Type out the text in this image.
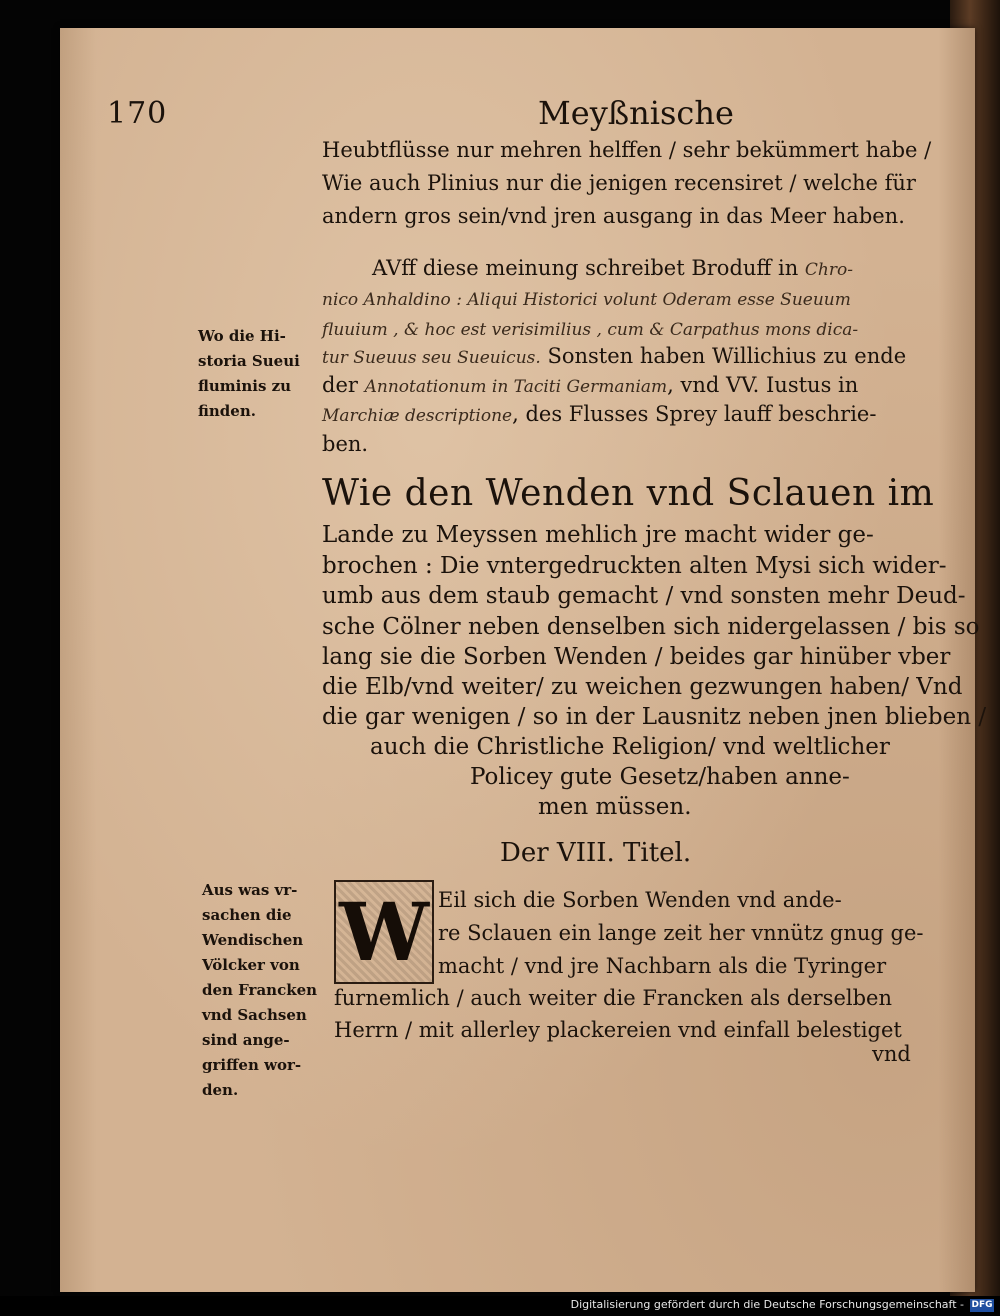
170	Meyßnische
Heubtflüsse nur mehren helffen / sehr bekümmert habe /
Wie auch Plinius nur die jenigen recensiret / welche für
andern gros sein/vnd jren ausgang in das Meer haben.
AVff diese meinung schreibet Broduff in Chro-
nico Anhaldino : Aliqui Historici volunt Oderam esse Sueuum
fluuium , & hoc est verisimilius , cum & Carpathus mons dica-
tur Sueuus seu Sueuicus. Sonsten haben Willichius zu ende
der Annotationum in Taciti Germaniam, vnd VV. Iustus in
Marchiæ descriptione, des Flusses Sprey lauff beschrie-
ben.
Wo die Hi-
storia Sueui
fluminis zu
finden.
Wie den Wenden vnd Sclauen im
Lande zu Meyssen mehlich jre macht wider ge-
brochen : Die vntergedruckten alten Mysi sich wider-
umb aus dem staub gemacht / vnd sonsten mehr Deud-
sche Cölner neben denselben sich nidergelassen / bis so
lang sie die Sorben Wenden / beides gar hinüber vber
die Elb/vnd weiter/ zu weichen gezwungen haben/ Vnd
die gar wenigen / so in der Lausnitz neben jnen blieben /
auch die Christliche Religion/ vnd weltlicher
Policey gute Gesetz/haben anne-
men müssen.
Der VIII. Titel.
Aus was vr-
sachen die
Wendischen
Völcker von
den Francken
vnd Sachsen
sind ange-
griffen wor-
den.
W Eil sich die Sorben Wenden vnd ande-
re Sclauen ein lange zeit her vnnütz gnug ge-
macht / vnd jre Nachbarn als die Tyringer
furnemlich / auch weiter die Francken als derselben
Herrn / mit allerley plackereien vnd einfall belestiget
vnd
Digitalisierung gefördert durch die Deutsche Forschungsgemeinschaft - DFG
